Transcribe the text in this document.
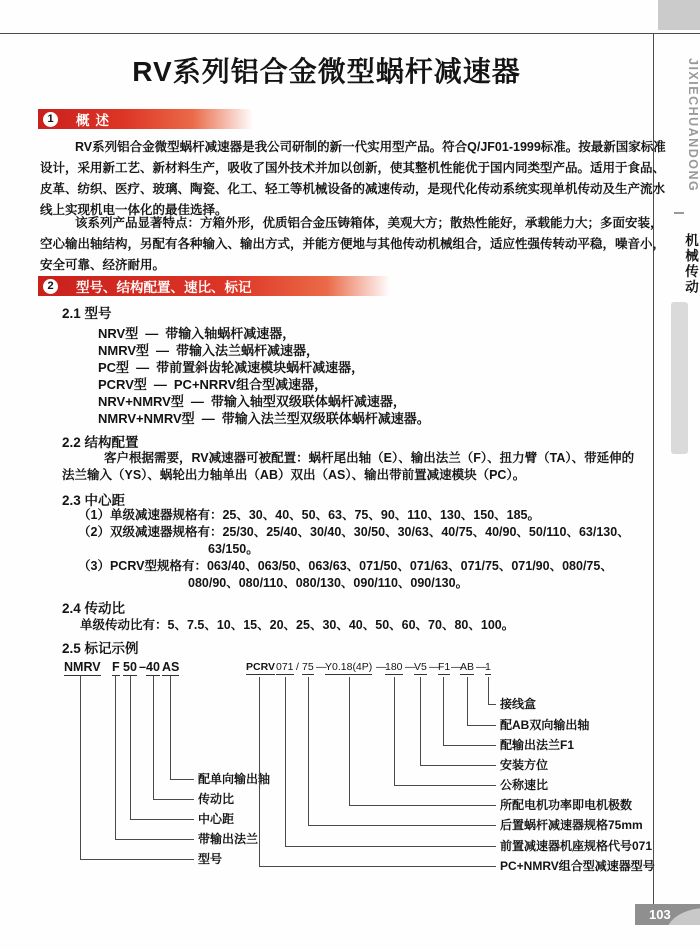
RV系列铝合金微型蜗杆减速器
1	概述
RV系列铝合金微型蜗杆减速器是我公司研制的新一代实用型产品。符合Q/JF01-1999标准。按最新国家标准
设计，采用新工艺、新材料生产，吸收了国外技术并加以创新，使其整机性能优于国内同类型产品。适用于食品、
皮革、纺织、医疗、玻璃、陶瓷、化工、轻工等机械设备的减速传动，是现代化传动系统实现单机传动及生产流水
线上实现机电一体化的最佳选择。
该系列产品显著特点：方箱外形，优质铝合金压铸箱体，美观大方；散热性能好，承载能力大；多面安装，
空心输出轴结构，另配有各种输入、输出方式，并能方便地与其他传动机械组合，适应性强传转动平稳，噪音小，
安全可靠、经济耐用。
2	型号、结构配置、速比、标记
2.1 型号
NRV型 — 带输入轴蜗杆减速器，
NMRV型 — 带输入法兰蜗杆减速器，
PC型 — 带前置斜齿轮减速模块蜗杆减速器，
PCRV型 — PC+NRRV组合型减速器，
NRV+NMRV型 — 带输入轴型双级联体蜗杆减速器，
NMRV+NMRV型 — 带输入法兰型双级联体蜗杆减速器。
2.2 结构配置
客户根据需要，RV减速器可被配置：蜗杆尾出轴（E）、输出法兰（F）、扭力臂（TA）、带延伸的
法兰输入（YS）、蜗轮出力轴单出（AB）双出（AS）、输出带前置减速模块（PC）。
2.3 中心距
（1）单级减速器规格有：25、30、40、50、63、75、90、110、130、150、185。
（2）双级减速器规格有：25/30、25/40、30/40、30/50、30/63、40/75、40/90、50/110、63/130、
63/150。
（3）PCRV型规格有：063/40、063/50、063/63、071/50、071/63、071/75、071/90、080/75、
080/90、080/110、080/130、090/110、090/130。
2.4 传动比
单级传动比有：5、7.5、10、15、20、25、30、40、50、60、70、80、100。
2.5 标记示例
NMRV F 50 – 40 AS
配单向输出轴
传动比
中心距
带输出法兰
型号
PCRV 071 / 75 —
Y0.18(4P) —
180 —
V5 —
F1 —
AB —
1
接线盒
配AB双向输出轴
配输出法兰F1
安装方位
公称速比
所配电机功率即电机极数
后置蜗杆减速器规格75mm
前置减速器机座规格代号071
PC+NMRV组合型减速器型号
JIXIECHUANDONG
机械传动
103
